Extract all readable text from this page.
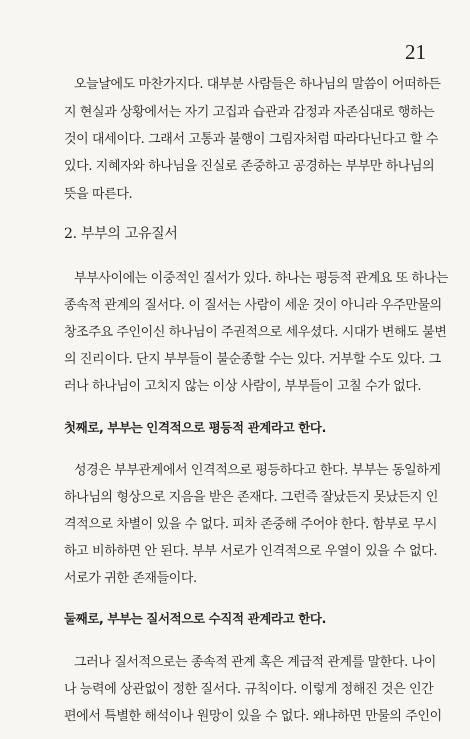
21
오늘날에도 마찬가지다. 대부분 사람들은 하나님의 말씀이 어떠하든
지 현실과 상황에서는 자기 고집과 습관과 감정과 자존심대로 행하는
것이 대세이다. 그래서 고통과 불행이 그림자처럼 따라다닌다고 할 수
있다. 지혜자와 하나님을 진실로 존중하고 공경하는 부부만 하나님의
뜻을 따른다.
2. 부부의 고유질서
부부사이에는 이중적인 질서가 있다. 하나는 평등적 관계요 또 하나는
종속적 관계의 질서다. 이 질서는 사람이 세운 것이 아니라 우주만물의
창조주요 주인이신 하나님이 주권적으로 세우셨다. 시대가 변해도 불변
의 진리이다. 단지 부부들이 불순종할 수는 있다. 거부할 수도 있다. 그
러나 하나님이 고치지 않는 이상 사람이, 부부들이 고칠 수가 없다.
첫째로, 부부는 인격적으로 평등적 관계라고 한다.
성경은 부부관계에서 인격적으로 평등하다고 한다. 부부는 동일하게
하나님의 형상으로 지음을 받은 존재다. 그런즉 잘났든지 못났든지 인
격적으로 차별이 있을 수 없다. 피차 존중해 주어야 한다. 함부로 무시
하고 비하하면 안 된다. 부부 서로가 인격적으로 우열이 있을 수 없다.
서로가 귀한 존재들이다.
둘째로, 부부는 질서적으로 수직적 관계라고 한다.
그러나 질서적으로는 종속적 관계 혹은 계급적 관계를 말한다. 나이
나 능력에 상관없이 정한 질서다. 규칙이다. 이렇게 정해진 것은 인간
편에서 특별한 해석이나 원망이 있을 수 없다. 왜냐하면 만물의 주인이
